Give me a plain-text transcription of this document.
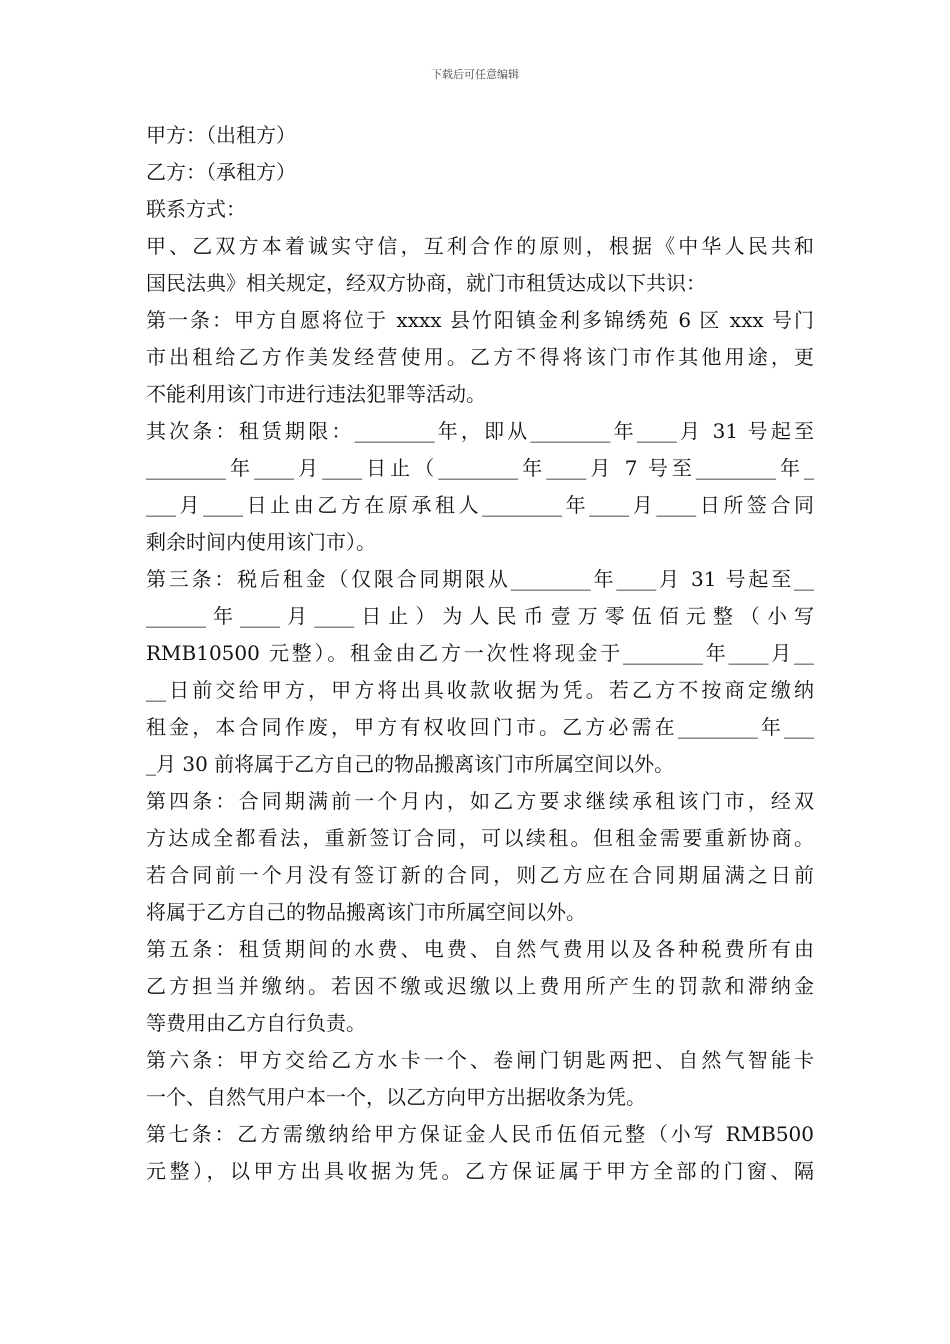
下载后可任意编辑
甲方：（出租方）
乙方：（承租方）
联系方式：
甲、乙双方本着诚实守信，互利合作的原则，根据《中华人民共和
国民法典》相关规定，经双方协商，就门市租赁达成以下共识：
第一条：甲方自愿将位于 xxxx 县竹阳镇金利多锦绣苑 6 区 xxx 号门
市出租给乙方作美发经营使用。乙方不得将该门市作其他用途，更
不能利用该门市进行违法犯罪等活动。
其次条：租赁期限：________年，即从________年____月 31 号起至
________年____月____日止（________年____月 7 号至________年_
___月____日止由乙方在原承租人________年____月____日所签合同
剩余时间内使用该门市）。
第三条：税后租金（仅限合同期限从________年____月 31 号起至__
______年____月____日止）为人民币壹万零伍佰元整（小写
RMB10500 元整）。租金由乙方一次性将现金于________年____月__
__日前交给甲方，甲方将出具收款收据为凭。若乙方不按商定缴纳
租金，本合同作废，甲方有权收回门市。乙方必需在________年___
_月 30 前将属于乙方自己的物品搬离该门市所属空间以外。
第四条：合同期满前一个月内，如乙方要求继续承租该门市，经双
方达成全都看法，重新签订合同，可以续租。但租金需要重新协商。
若合同前一个月没有签订新的合同，则乙方应在合同期届满之日前
将属于乙方自己的物品搬离该门市所属空间以外。
第五条：租赁期间的水费、电费、自然气费用以及各种税费所有由
乙方担当并缴纳。若因不缴或迟缴以上费用所产生的罚款和滞纳金
等费用由乙方自行负责。
第六条：甲方交给乙方水卡一个、卷闸门钥匙两把、自然气智能卡
一个、自然气用户本一个，以乙方向甲方出据收条为凭。
第七条：乙方需缴纳给甲方保证金人民币伍佰元整（小写 RMB500
元整），以甲方出具收据为凭。乙方保证属于甲方全部的门窗、隔
